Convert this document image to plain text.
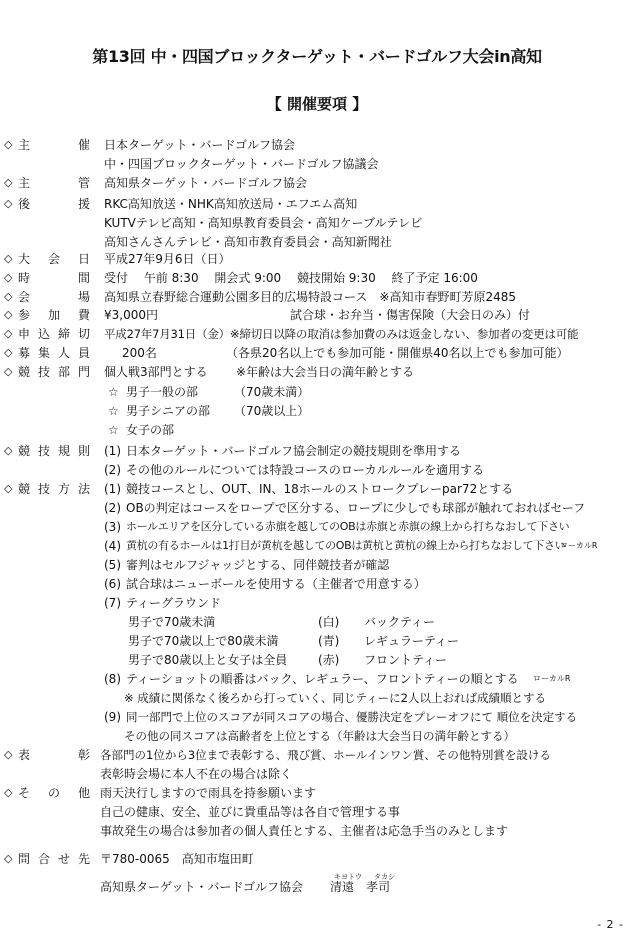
第13回 中・四国ブロックターゲット・バードゴルフ大会in高知
【 開催要項 】
◇ 主	催 日本ターゲット・バードゴルフ協会
中・四国ブロックターゲット・バードゴルフ協議会
◇ 主	管 高知県ターゲット・バードゴルフ協会
◇ 後	援 RKC高知放送・NHK高知放送局・エフエム高知
KUTVテレビ高知・高知県教育委員会・高知ケーブルテレビ
高知さんさんテレビ・高知市教育委員会・高知新聞社
◇ 大 会 日 平成27年9月6日（日）
◇ 時	間 受付　 午前 8:30　 開会式 9:00　 競技開始 9:30　 終了予定 16:00
◇ 会	場 高知県立春野総合運動公園多目的広場特設コース　※高知市春野町芳原2485
◇ 参 加 費 ¥3,000円	試合球・お弁当・傷害保険（大会日のみ）付
◇ 申 込 締 切 平成27年7月31日（金）※締切日以降の取消は参加費のみは返金しない、参加者の変更は可能
◇ 募 集 人 員	200名	（各県20名以上でも参加可能・開催県40名以上でも参加可能）
◇ 競 技 部 門 個人戦3部門とする ※年齢は大会当日の満年齢とする
☆ 男子一般の部	（70歳未満）
☆ 男子シニアの部 （70歳以上）
☆ 女子の部
◇ 競 技 規 則 (1) 日本ターゲット・バードゴルフ協会制定の競技規則を準用する
(2) その他のルールについては特設コースのローカルルールを適用する
◇ 競 技 方 法 (1) 競技コースとし、OUT、IN、18ホールのストロークプレーpar72とする
(2) OBの判定はコースをロープで区分する、ロープに少しでも球部が触れておればセーフ
(3) ホールエリアを区分している赤旗を越してのOBは赤旗と赤旗の線上から打ちなおして下さい
(4) 黄杭の有るホールは1打目が黄杭を越してのOBは黄杭と黄杭の線上から打ちなおして下さい
ローカルR
(5) 審判はセルフジャッジとする、同伴競技者が確認
(6) 試合球はニューボールを使用する（主催者で用意する）
(7) ティーグラウンド
男子で70歳未満	(白) バックティー
男子で70歳以上で80歳未満	(青) レギュラーティー
男子で80歳以上と女子は全員	(赤) フロントティー
(8) ティーショットの順番はバック、レギュラー、フロントティーの順とする ローカルR
※ 成績に関係なく後ろから打っていく、同じティーに2人以上おれば成績順とする
(9) 同一部門で上位のスコアが同スコアの場合、優勝決定をプレーオフにて 順位を決定する
その他の同スコアは高齢者を上位とする（年齢は大会当日の満年齢とする）
◇ 表	彰 各部門の1位から3位まで表彰する、飛び賞、ホールインワン賞、その他特別賞を設ける
表彰時会場に本人不在の場合は除く
◇ そ の 他 雨天決行しますので雨具を持参願います
自己の健康、安全、並びに貴重品等は各自で管理する事
事故発生の場合は参加者の個人責任とする、主催者は応急手当のみとします
◇ 問 合 せ 先 〒780-0065　高知市塩田町
キヨトウ タカシ
高知県ターゲット・バードゴルフ協会 清遠　孝司
- 2 -
